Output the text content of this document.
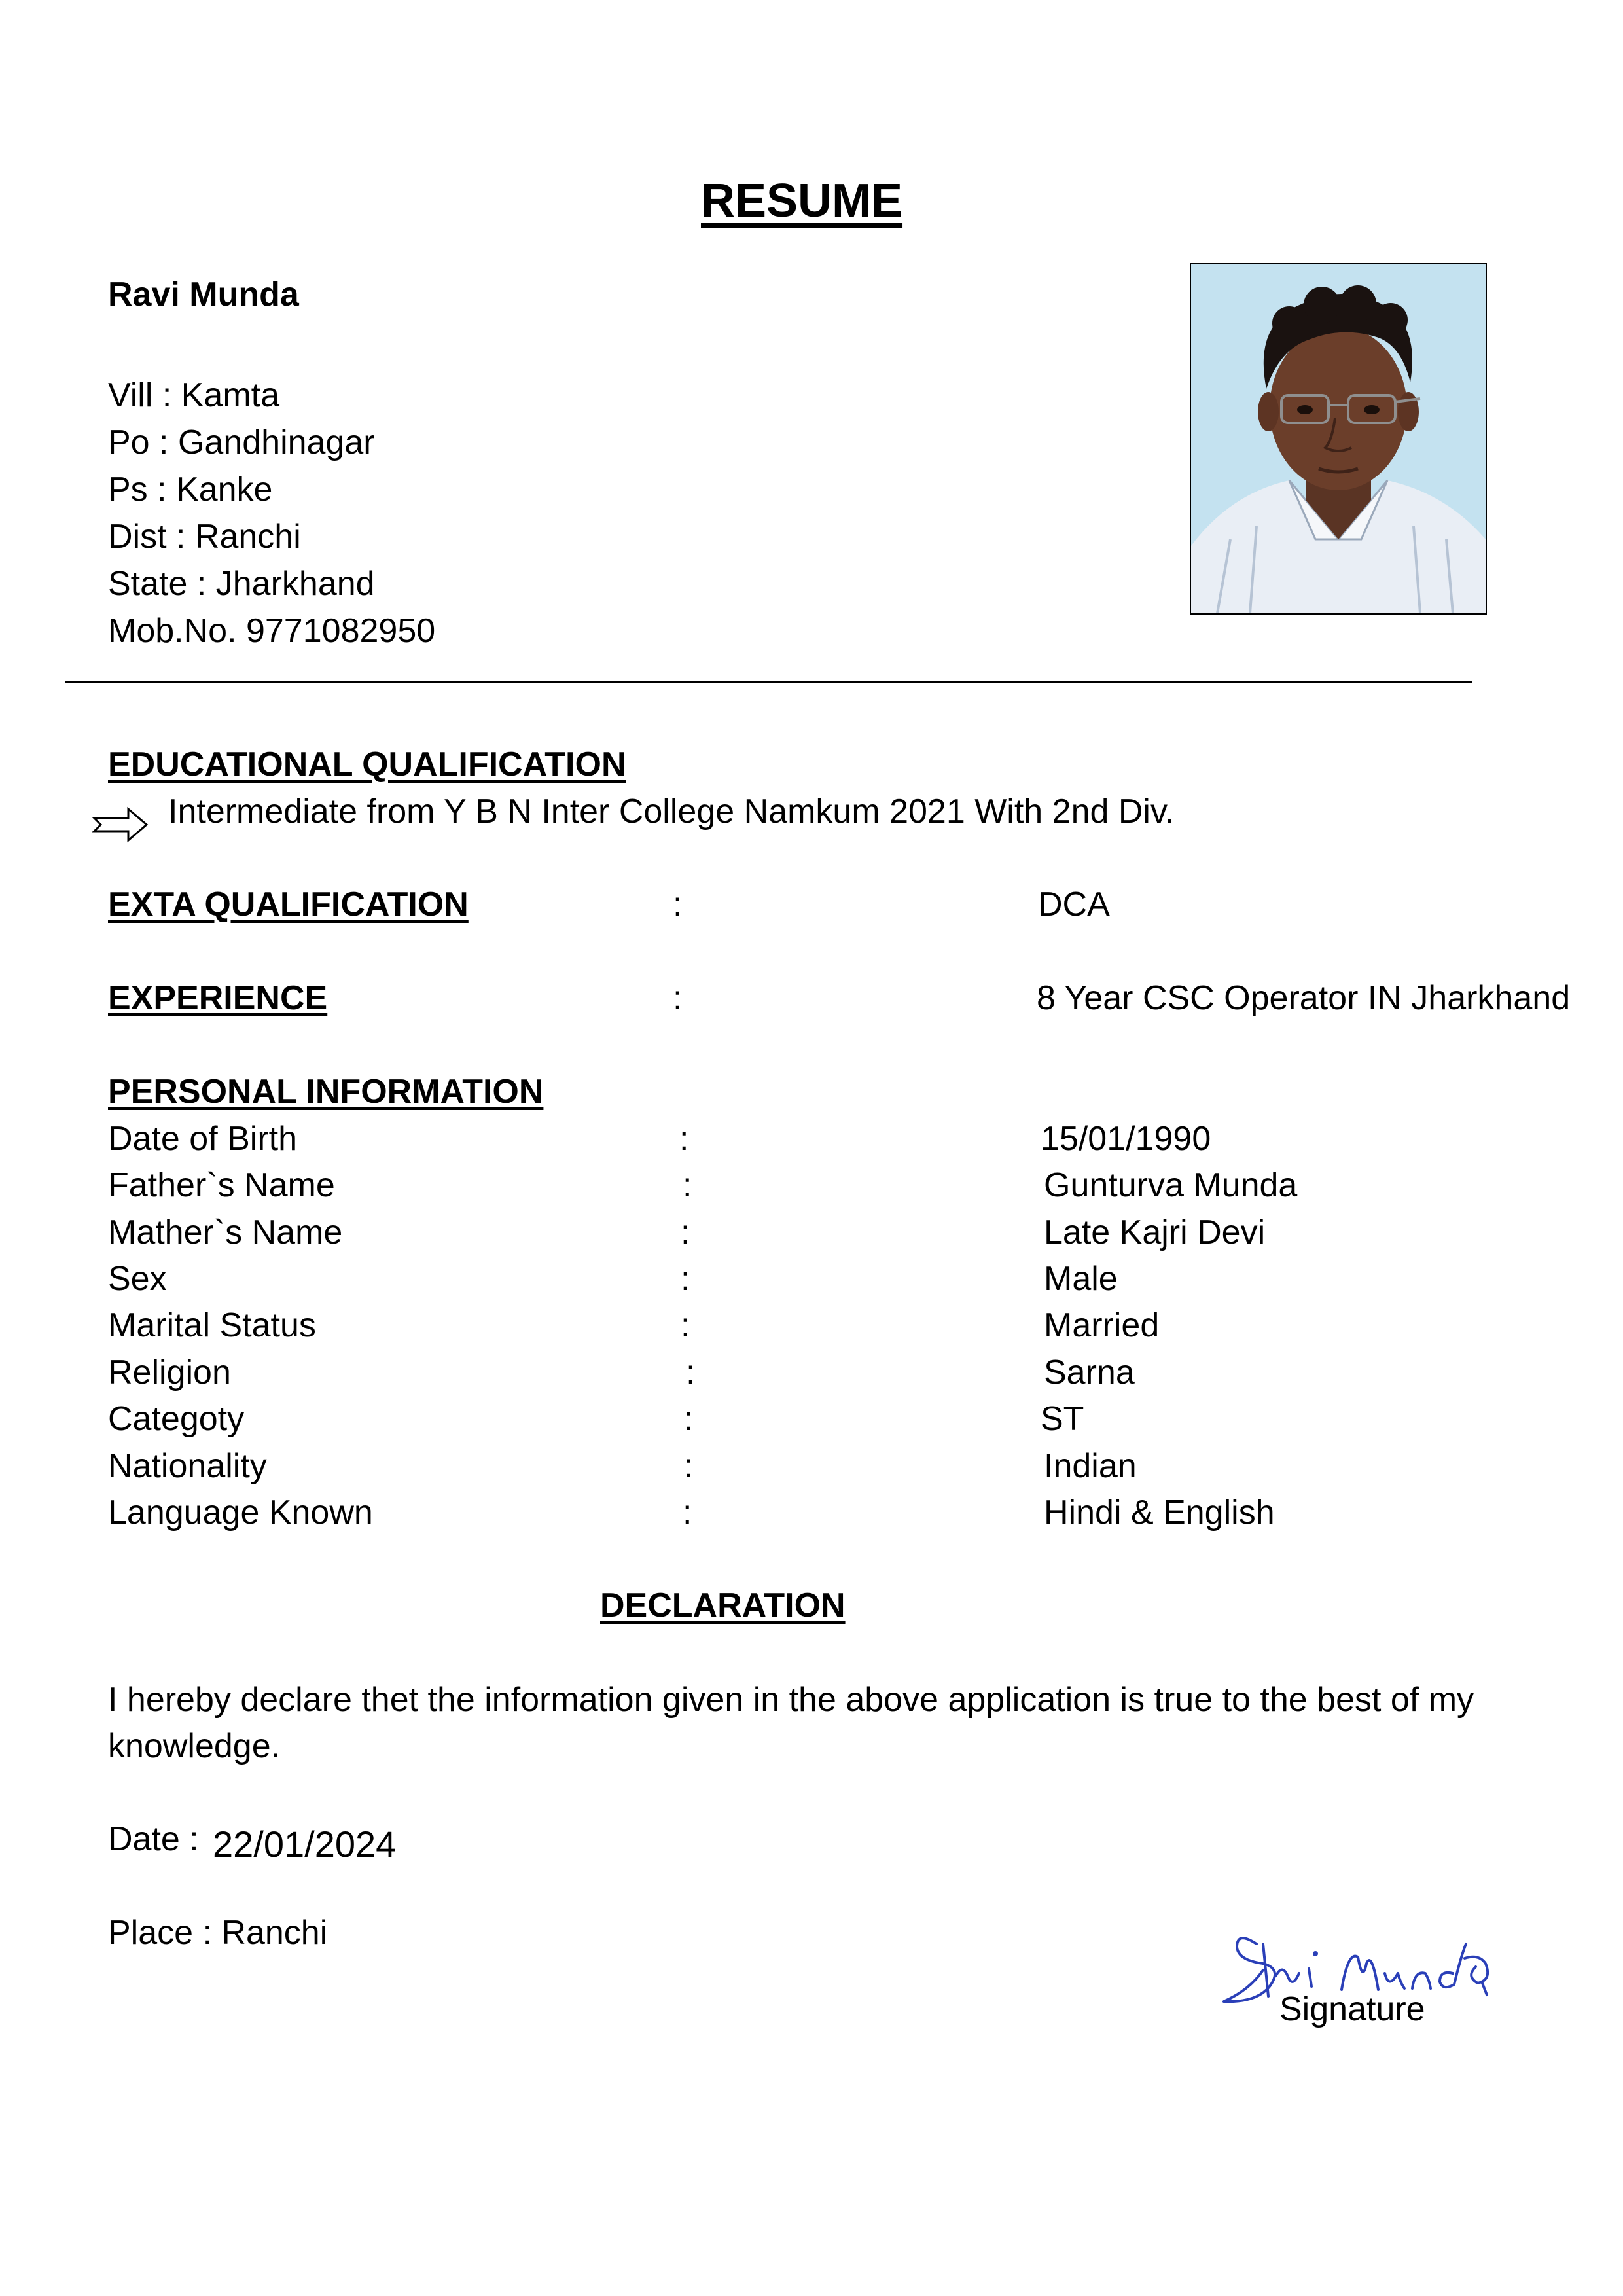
RESUME
Ravi Munda
Vill : Kamta
Po : Gandhinagar
Ps : Kanke
Dist : Ranchi
State : Jharkhand
Mob.No. 9771082950
EDUCATIONAL QUALIFICATION
Intermediate from Y B N Inter College Namkum 2021 With 2nd Div.
EXTA QUALIFICATION	:	DCA
EXPERIENCE	:	8 Year CSC Operator IN Jharkhand
PERSONAL INFORMATION
Date of Birth	:	15/01/1990
Father`s Name	:	Gunturva Munda
Mather`s Name	:	Late Kajri Devi
Sex	:	Male
Marital Status	:	Married
Religion	:	Sarna
Categoty	:	ST
Nationality	:	Indian
Language Known	:	Hindi & English
DECLARATION
I hereby declare thet the information given in the above application is true to the best of my
knowledge.
Date : 22/01/2024
Place : Ranchi
Signature
